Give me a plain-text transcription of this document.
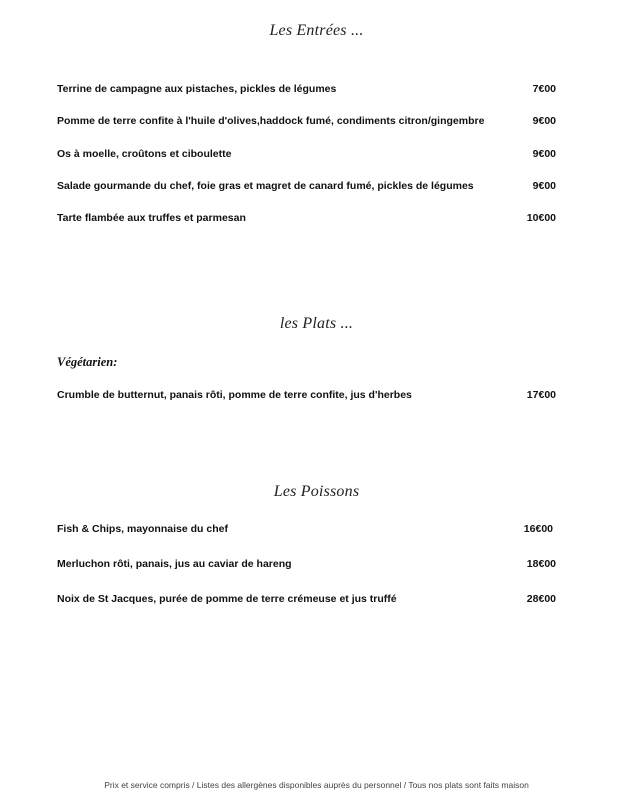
Les Entrées ...
Terrine de campagne aux pistaches, pickles de légumes	7€00
Pomme de terre confite à l'huile d'olives,haddock fumé, condiments citron/gingembre	9€00
Os à moelle, croûtons et ciboulette	9€00
Salade gourmande du chef, foie gras et magret de canard fumé, pickles de légumes	9€00
Tarte flambée aux truffes et parmesan	10€00
les Plats ...
Végétarien:
Crumble de butternut, panais rôti, pomme de terre confite, jus d'herbes	17€00
Les Poissons
Fish & Chips, mayonnaise du chef	16€00
Merluchon rôti, panais, jus au caviar de hareng	18€00
Noix de St Jacques, purée de pomme de terre crémeuse et jus truffé	28€00
Prix et service compris / Listes des allergènes disponibles auprès du personnel / Tous nos plats sont faits maison
